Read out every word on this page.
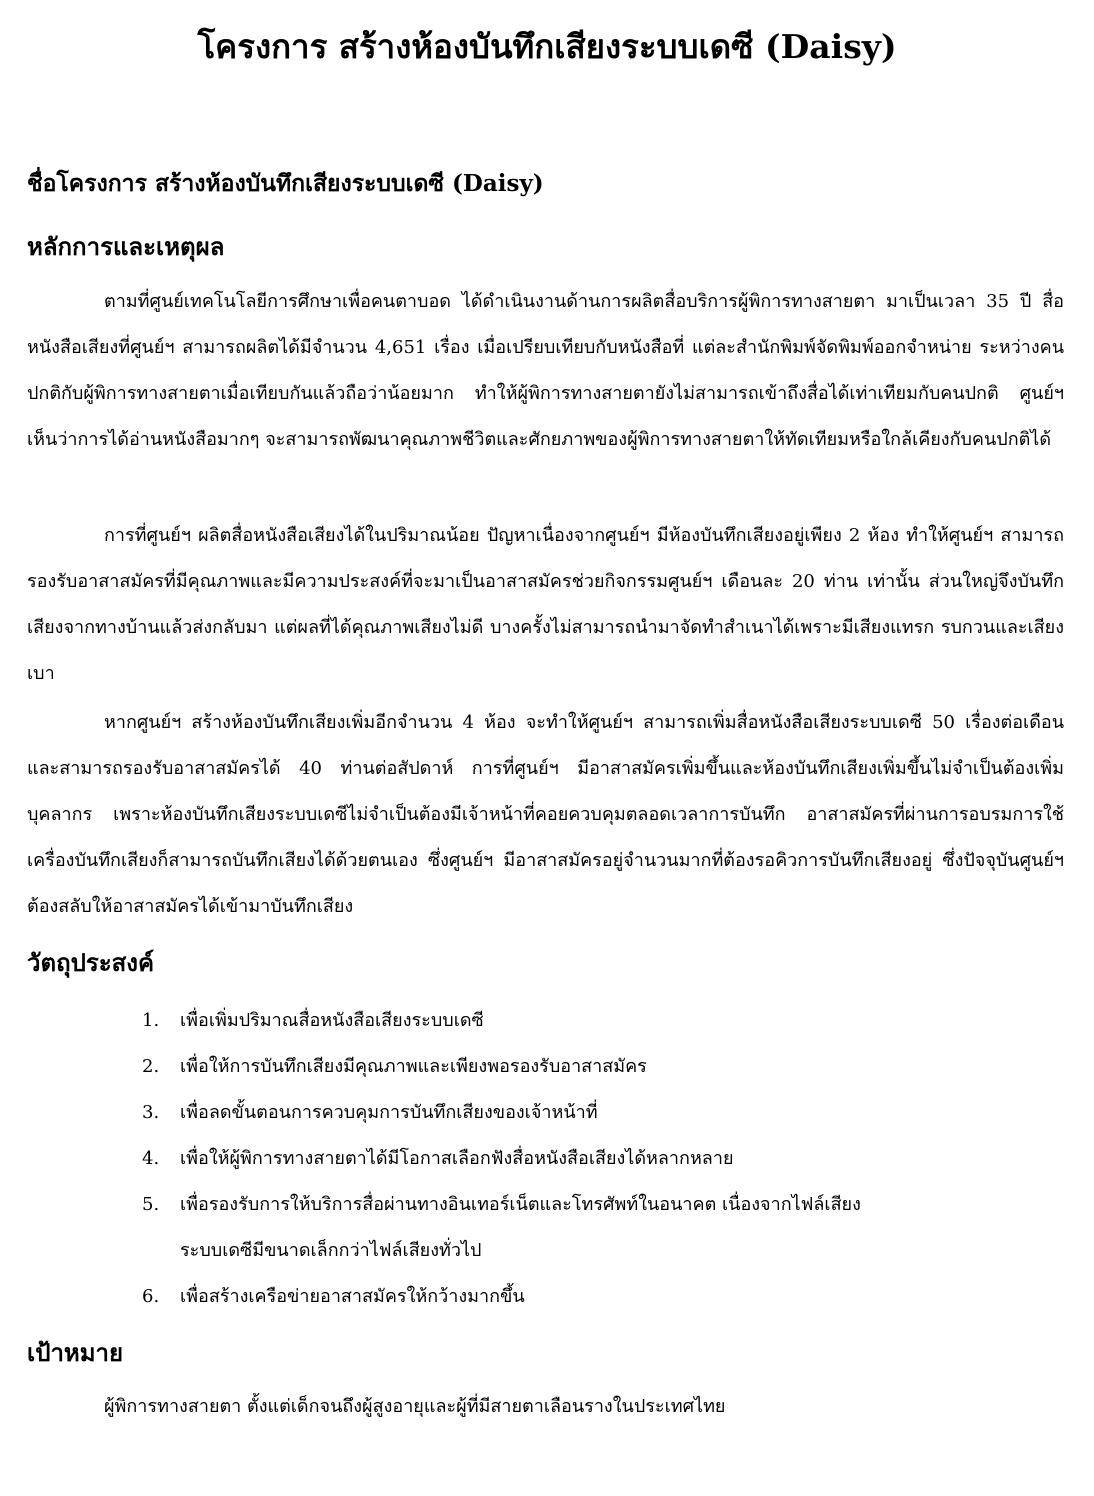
โครงการ สร้างห้องบันทึกเสียงระบบเดซี (Daisy)
ชื่อโครงการ สร้างห้องบันทึกเสียงระบบเดซี (Daisy)
หลักการและเหตุผล

ตามที่ศูนย์เทคโนโลยีการศึกษาเพื่อคนตาบอด ได้ดำเนินงานด้านการผลิตสื่อบริการผู้พิการทางสายตา มาเป็นเวลา 35 ปี สื่อหนังสือเสียงที่ศูนย์ฯ สามารถผลิตได้มีจำนวน 4,651 เรื่อง เมื่อเปรียบเทียบกับหนังสือที่ แต่ละสำนักพิมพ์จัดพิมพ์ออกจำหน่าย ระหว่างคนปกติกับผู้พิการทางสายตาเมื่อเทียบกันแล้วถือว่าน้อยมาก ทำให้ผู้พิการทางสายตายังไม่สามารถเข้าถึงสื่อได้เท่าเทียมกับคนปกติ ศูนย์ฯ เห็นว่าการได้อ่านหนังสือมากๆ จะสามารถพัฒนาคุณภาพชีวิตและศักยภาพของผู้พิการทางสายตาให้ทัดเทียมหรือใกล้เคียงกับคนปกติได้

การที่ศูนย์ฯ ผลิตสื่อหนังสือเสียงได้ในปริมาณน้อย ปัญหาเนื่องจากศูนย์ฯ มีห้องบันทึกเสียงอยู่เพียง 2 ห้อง ทำให้ศูนย์ฯ สามารถรองรับอาสาสมัครที่มีคุณภาพและมีความประสงค์ที่จะมาเป็นอาสาสมัครช่วยกิจกรรมศูนย์ฯ เดือนละ 20 ท่าน เท่านั้น ส่วนใหญ่จึงบันทึกเสียงจากทางบ้านแล้วส่งกลับมา แต่ผลที่ได้คุณภาพเสียงไม่ดี บางครั้งไม่สามารถนำมาจัดทำสำเนาได้เพราะมีเสียงแทรก รบกวนและเสียงเบา

หากศูนย์ฯ สร้างห้องบันทึกเสียงเพิ่มอีกจำนวน 4 ห้อง จะทำให้ศูนย์ฯ สามารถเพิ่มสื่อหนังสือเสียงระบบเดซี 50 เรื่องต่อเดือน และสามารถรองรับอาสาสมัครได้ 40 ท่านต่อสัปดาห์ การที่ศูนย์ฯ มีอาสาสมัครเพิ่มขึ้นและห้องบันทึกเสียงเพิ่มขึ้นไม่จำเป็นต้องเพิ่มบุคลากร เพราะห้องบันทึกเสียงระบบเดซีไม่จำเป็นต้องมีเจ้าหน้าที่คอยควบคุมตลอดเวลาการบันทึก อาสาสมัครที่ผ่านการอบรมการใช้เครื่องบันทึกเสียงก็สามารถบันทึกเสียงได้ด้วยตนเอง ซึ่งศูนย์ฯ มีอาสาสมัครอยู่จำนวนมากที่ต้องรอคิวการบันทึกเสียงอยู่ ซึ่งปัจจุบันศูนย์ฯ ต้องสลับให้อาสาสมัครได้เข้ามาบันทึกเสียง

วัตถุประสงค์
1. เพื่อเพิ่มปริมาณสื่อหนังสือเสียงระบบเดซี
2. เพื่อให้การบันทึกเสียงมีคุณภาพและเพียงพอรองรับอาสาสมัคร
3. เพื่อลดขั้นตอนการควบคุมการบันทึกเสียงของเจ้าหน้าที่
4. เพื่อให้ผู้พิการทางสายตาได้มีโอกาสเลือกฟังสื่อหนังสือเสียงได้หลากหลาย
5. เพื่อรองรับการให้บริการสื่อผ่านทางอินเทอร์เน็ตและโทรศัพท์ในอนาคต เนื่องจากไฟล์เสียงระบบเดซีมีขนาดเล็กกว่าไฟล์เสียงทั่วไป
6. เพื่อสร้างเครือข่ายอาสาสมัครให้กว้างมากขึ้น
เป้าหมาย

ผู้พิการทางสายตา ตั้งแต่เด็กจนถึงผู้สูงอายุและผู้ที่มีสายตาเลือนรางในประเทศไทย
